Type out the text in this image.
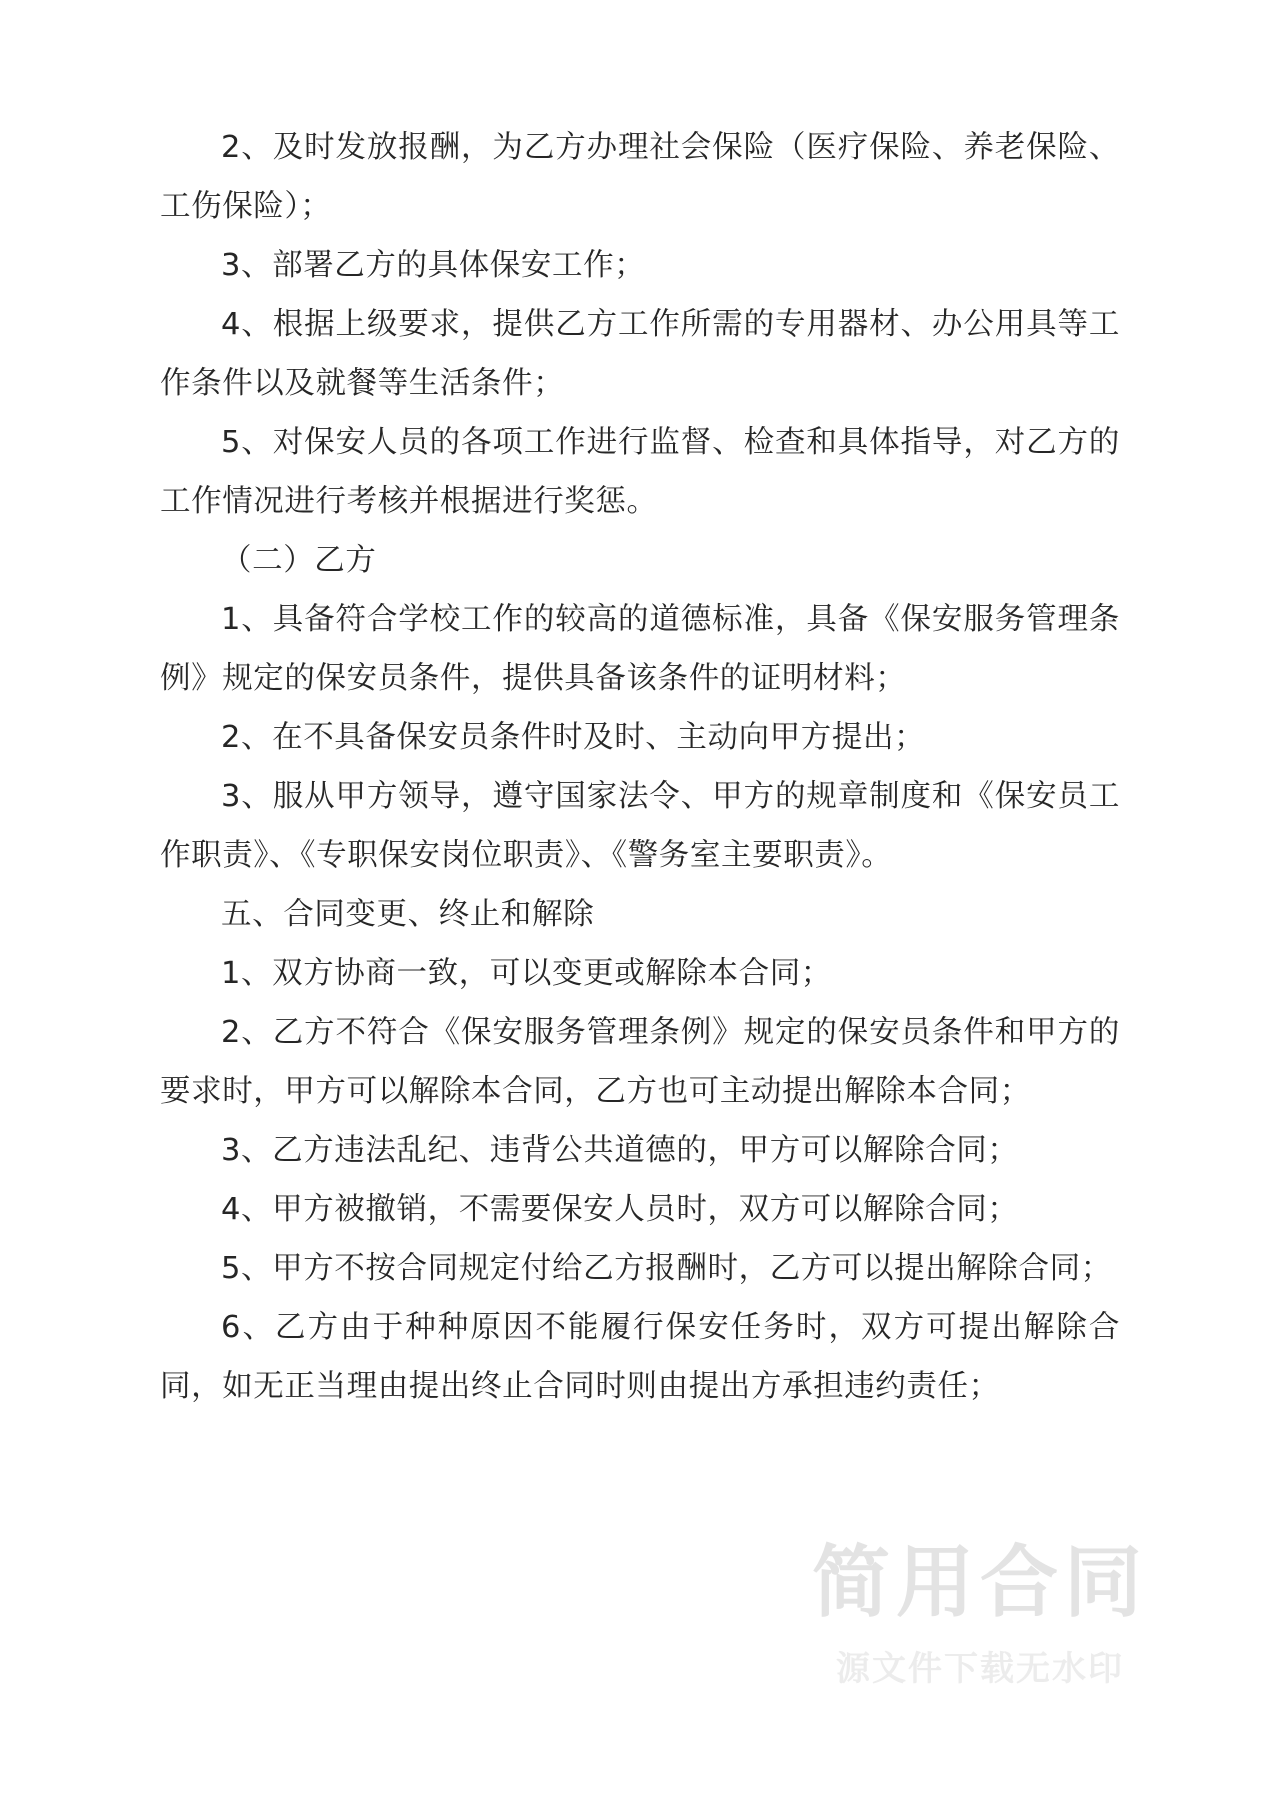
2、及时发放报酬，为乙方办理社会保险（医疗保险、养老保险、工伤保险）；

3、部署乙方的具体保安工作；

4、根据上级要求，提供乙方工作所需的专用器材、办公用具等工作条件以及就餐等生活条件；

5、对保安人员的各项工作进行监督、检查和具体指导，对乙方的工作情况进行考核并根据进行奖惩。

（二）乙方

1、具备符合学校工作的较高的道德标准，具备《保安服务管理条例》规定的保安员条件，提供具备该条件的证明材料；

2、在不具备保安员条件时及时、主动向甲方提出；

3、服从甲方领导，遵守国家法令、甲方的规章制度和《保安员工作职责》、《专职保安岗位职责》、《警务室主要职责》。

五、合同变更、终止和解除

1、双方协商一致，可以变更或解除本合同；

2、乙方不符合《保安服务管理条例》规定的保安员条件和甲方的要求时，甲方可以解除本合同，乙方也可主动提出解除本合同；

3、乙方违法乱纪、违背公共道德的，甲方可以解除合同；

4、甲方被撤销，不需要保安人员时，双方可以解除合同；

5、甲方不按合同规定付给乙方报酬时，乙方可以提出解除合同；

6、乙方由于种种原因不能履行保安任务时，双方可提出解除合同，如无正当理由提出终止合同时则由提出方承担违约责任；

简用合同
源文件下载无水印
